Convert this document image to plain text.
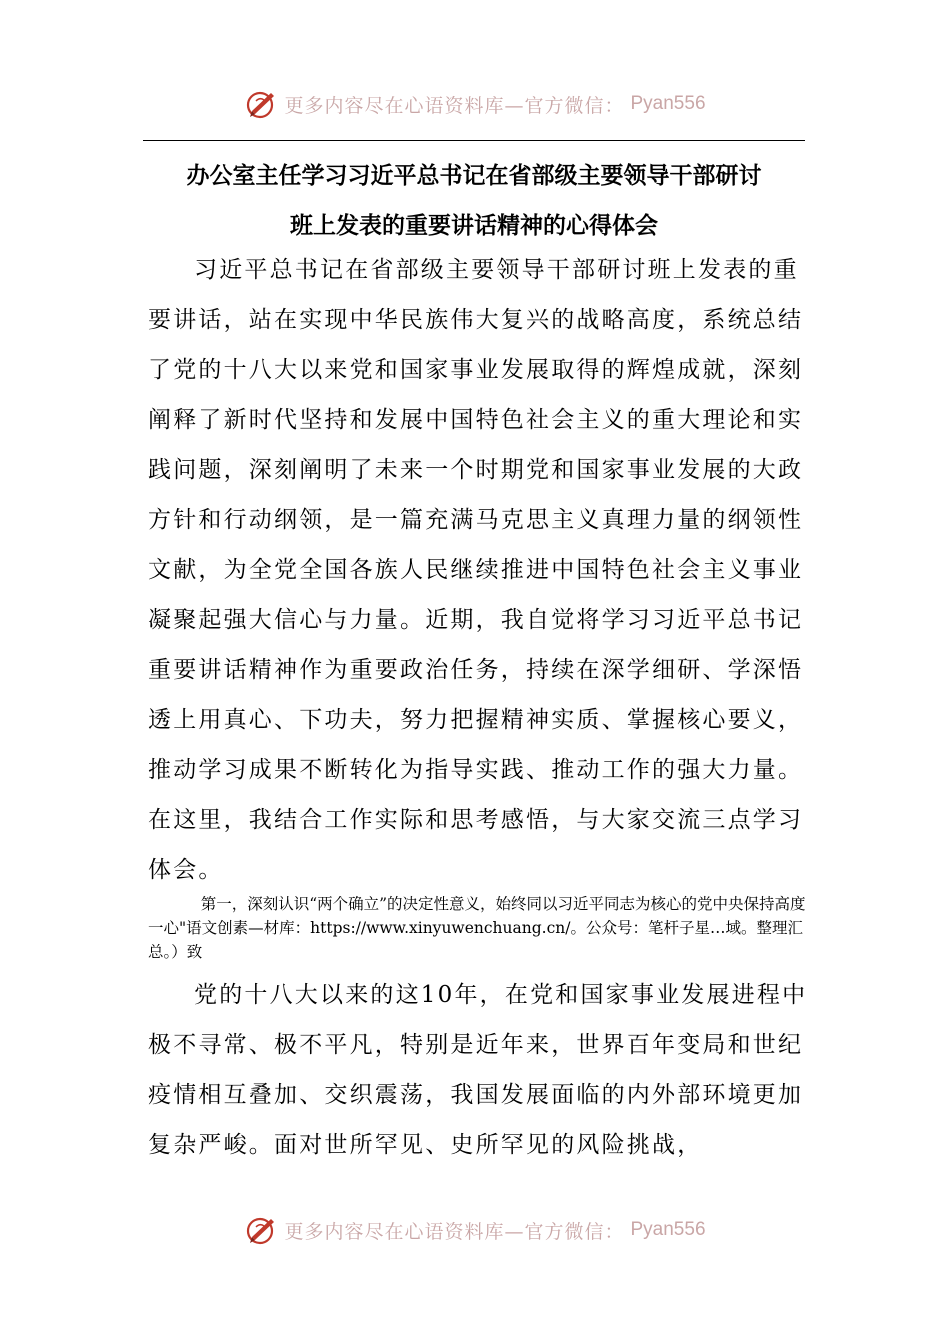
更多内容尽在心语资料库—官方微信： Pyan556
办公室主任学习习近平总书记在省部级主要领导干部研讨
班上发表的重要讲话精神的心得体会

习近平总书记在省部级主要领导干部研讨班上发表的重要讲话，站在实现中华民族伟大复兴的战略高度，系统总结了党的十八大以来党和国家事业发展取得的辉煌成就，深刻阐释了新时代坚持和发展中国特色社会主义的重大理论和实践问题，深刻阐明了未来一个时期党和国家事业发展的大政方针和行动纲领，是一篇充满马克思主义真理力量的纲领性文献，为全党全国各族人民继续推进中国特色社会主义事业凝聚起强大信心与力量。近期，我自觉将学习习近平总书记重要讲话精神作为重要政治任务，持续在深学细研、学深悟透上用真心、下功夫，努力把握精神实质、掌握核心要义，推动学习成果不断转化为指导实践、推动工作的强大力量。在这里，我结合工作实际和思考感悟，与大家交流三点学习体会。

第一，深刻认识“两个确立”的决定性意义，始终同以习近平同志为核心的党中央保持高度一心"语文创素—材库：https://www.xinyuwenchuang.cn/。公众号：笔杆子星…域。整理汇总。）致

党的十八大以来的这10年，在党和国家事业发展进程中极不寻常、极不平凡，特别是近年来，世界百年变局和世纪疫情相互叠加、交织震荡，我国发展面临的内外部环境更加复杂严峻。面对世所罕见、史所罕见的风险挑战，

更多内容尽在心语资料库—官方微信： Pyan556
